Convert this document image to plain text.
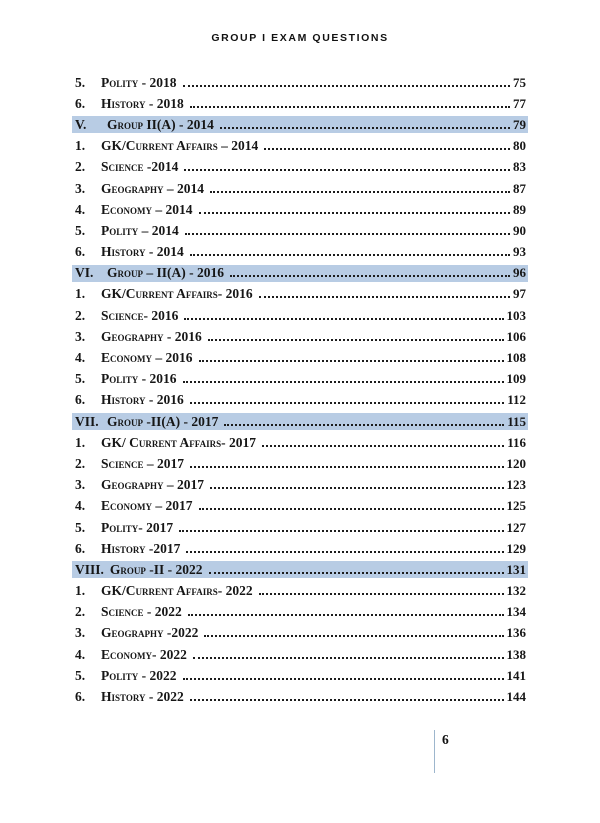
GROUP I EXAM QUESTIONS
5.	Polity - 2018	75
6.	History - 2018	77
V.	Group II(A) - 2014	79
1.	GK/Current Affairs – 2014	80
2.	Science -2014	83
3.	Geography – 2014	87
4.	Economy – 2014	89
5.	Polity – 2014	90
6.	History - 2014	93
VI.	Group – II(A) - 2016	96
1.	GK/Current Affairs- 2016	97
2.	Science- 2016	103
3.	Geography - 2016	106
4.	Economy – 2016	108
5.	Polity - 2016	109
6.	History - 2016	112
VII. Group -II(A) - 2017	115
1.	GK/ Current Affairs- 2017	116
2.	Science – 2017	120
3.	Geography – 2017	123
4.	Economy – 2017	125
5.	Polity- 2017	127
6.	History -2017	129
VIII. Group -II - 2022	131
1.	GK/Current Affairs- 2022	132
2.	Science - 2022	134
3.	Geography -2022	136
4.	Economy- 2022	138
5.	Polity - 2022	141
6.	History - 2022	144
6
